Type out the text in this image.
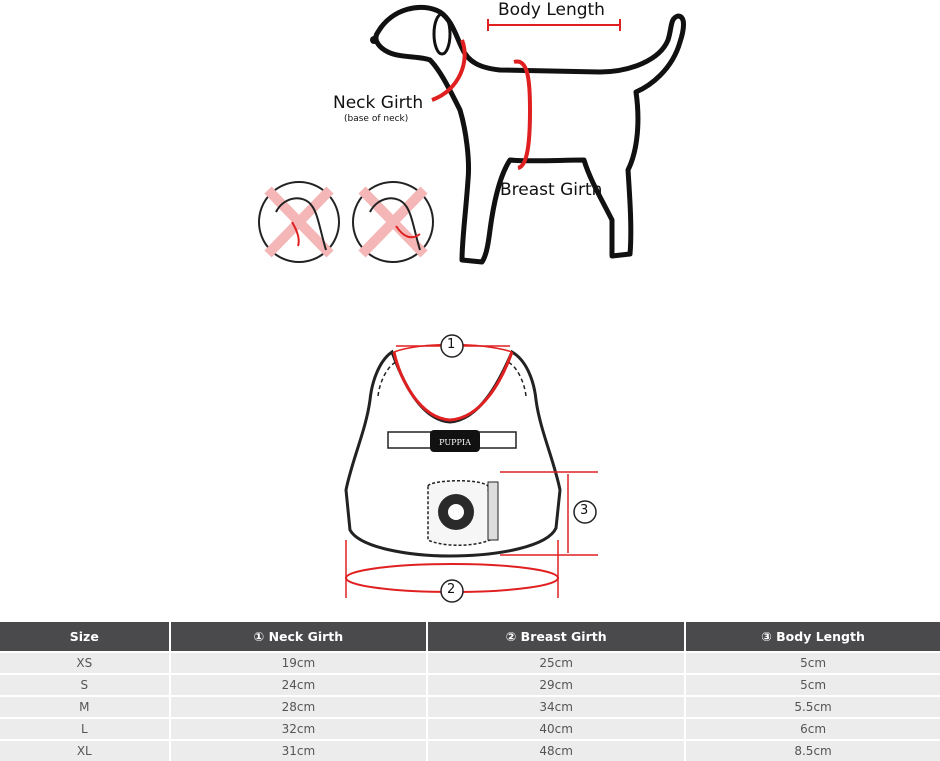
Body Length
Neck Girth
(base of neck)
Breast Girth
PUPPIA
1
2
3
Size	① Neck Girth	② Breast Girth	③ Body Length
XS	19cm	25cm	5cm
S	24cm	29cm	5cm
M	28cm	34cm	5.5cm
L	32cm	40cm	6cm
XL	31cm	48cm	8.5cm
